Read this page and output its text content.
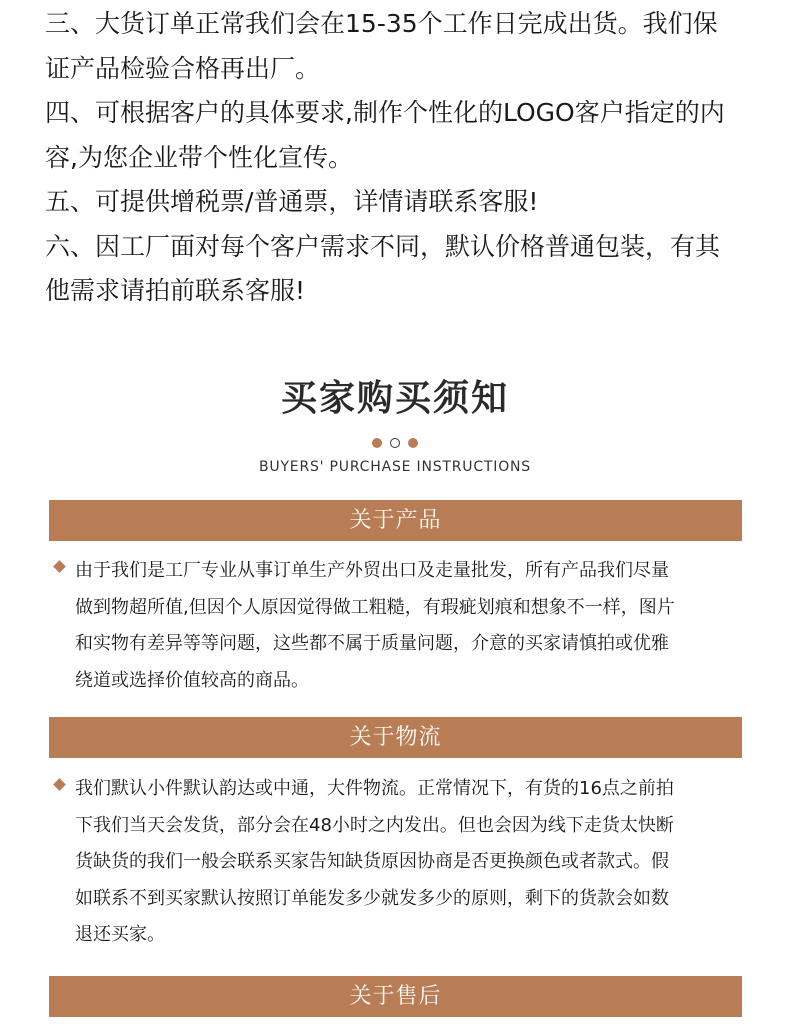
三、大货订单正常我们会在15-35个工作日完成出货。我们保
证产品检验合格再出厂。
四、可根据客户的具体要求,制作个性化的LOGO客户指定的内
容,为您企业带个性化宣传。
五、可提供增税票/普通票，详情请联系客服!
六、因工厂面对每个客户需求不同，默认价格普通包装，有其
他需求请拍前联系客服!
买家购买须知
BUYERS' PURCHASE INSTRUCTIONS
关于产品
由于我们是工厂专业从事订单生产外贸出口及走量批发，所有产品我们尽量
做到物超所值,但因个人原因觉得做工粗糙，有瑕疵划痕和想象不一样，图片
和实物有差异等等问题，这些都不属于质量问题，介意的买家请慎拍或优雅
绕道或选择价值较高的商品。
关于物流
我们默认小件默认韵达或中通，大件物流。正常情况下，有货的16点之前拍
下我们当天会发货，部分会在48小时之内发出。但也会因为线下走货太快断
货缺货的我们一般会联系买家告知缺货原因协商是否更换颜色或者款式。假
如联系不到买家默认按照订单能发多少就发多少的原则，剩下的货款会如数
退还买家。
关于售后
